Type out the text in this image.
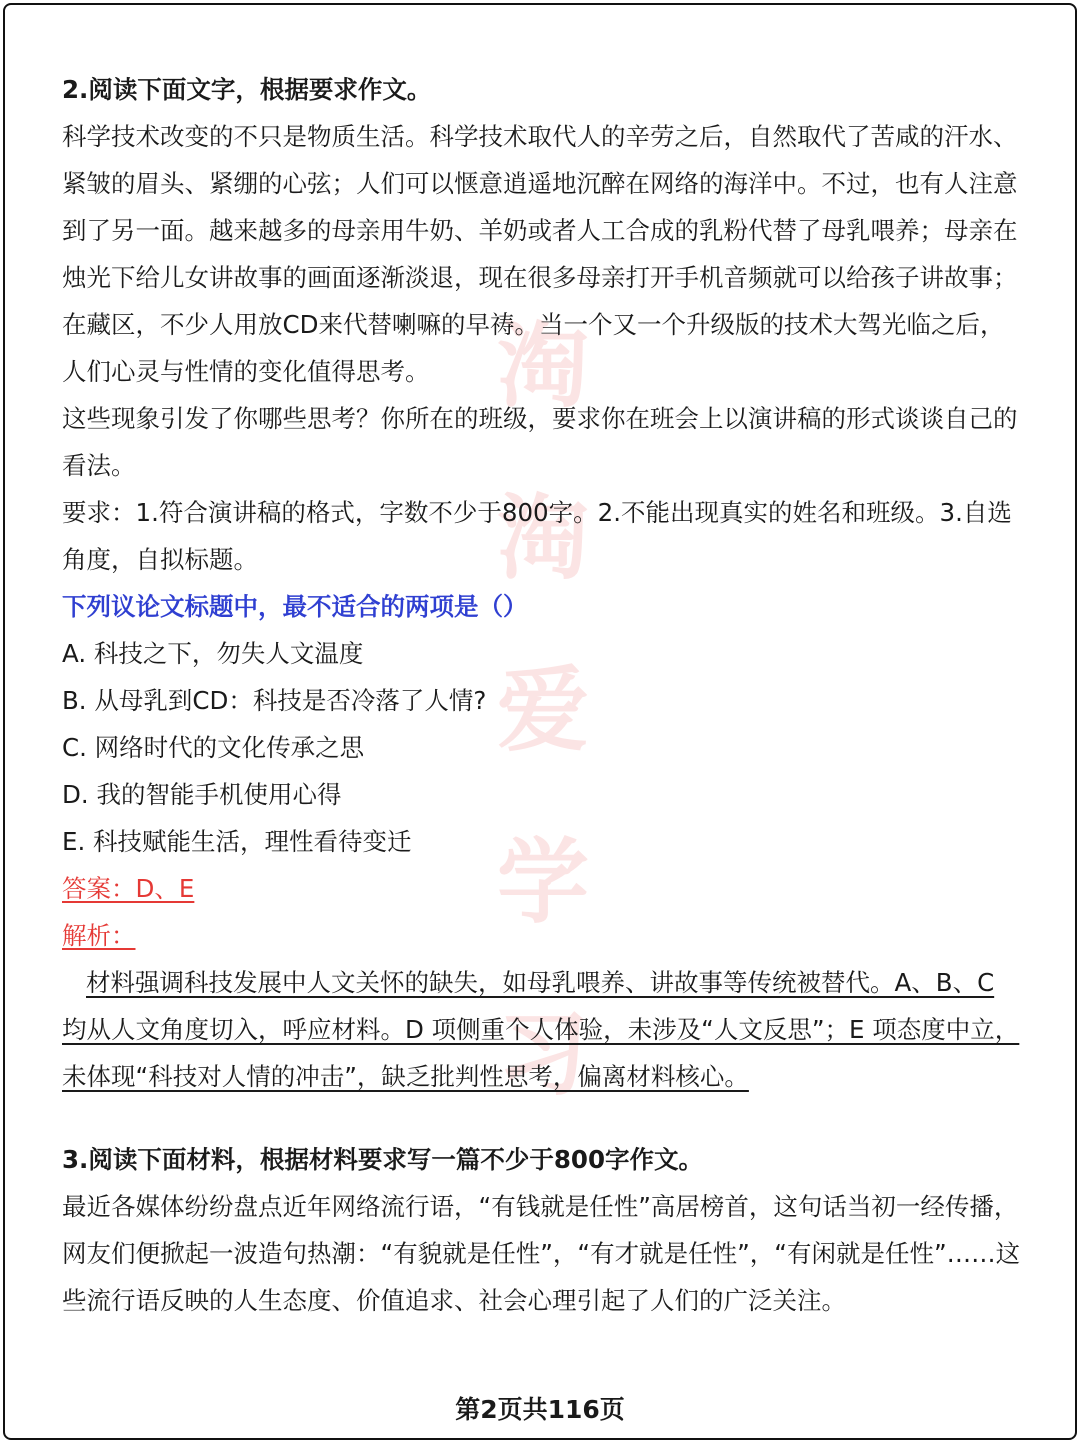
淘
淘
爱
学
习

2.阅读下面文字，根据要求作文。

科学技术改变的不只是物质生活。科学技术取代人的辛劳之后，自然取代了苦咸的汗水、紧皱的眉头、紧绷的心弦；人们可以惬意逍遥地沉醉在网络的海洋中。不过，也有人注意到了另一面。越来越多的母亲用牛奶、羊奶或者人工合成的乳粉代替了母乳喂养；母亲在烛光下给儿女讲故事的画面逐渐淡退，现在很多母亲打开手机音频就可以给孩子讲故事；在藏区，不少人用放CD来代替喇嘛的早祷。当一个又一个升级版的技术大驾光临之后，人们心灵与性情的变化值得思考。

这些现象引发了你哪些思考？你所在的班级，要求你在班会上以演讲稿的形式谈谈自己的看法。

要求：1.符合演讲稿的格式，字数不少于800字。2.不能出现真实的姓名和班级。3.自选角度，自拟标题。

下列议论文标题中，最不适合的两项是（）

A. 科技之下，勿失人文温度

B. 从母乳到CD：科技是否冷落了人情?

C. 网络时代的文化传承之思

D. 我的智能手机使用心得

E. 科技赋能生活，理性看待变迁

答案：D、E

解析：

材料强调科技发展中人文关怀的缺失，如母乳喂养、讲故事等传统被替代。A、B、C 均从人文角度切入，呼应材料。D 项侧重个人体验，未涉及“人文反思”；E 项态度中立，未体现“科技对人情的冲击”，缺乏批判性思考，偏离材料核心。

3.阅读下面材料，根据材料要求写一篇不少于800字作文。

最近各媒体纷纷盘点近年网络流行语，“有钱就是任性”高居榜首，这句话当初一经传播，网友们便掀起一波造句热潮：“有貌就是任性”，“有才就是任性”，“有闲就是任性”……这些流行语反映的人生态度、价值追求、社会心理引起了人们的广泛关注。

第2页共116页
